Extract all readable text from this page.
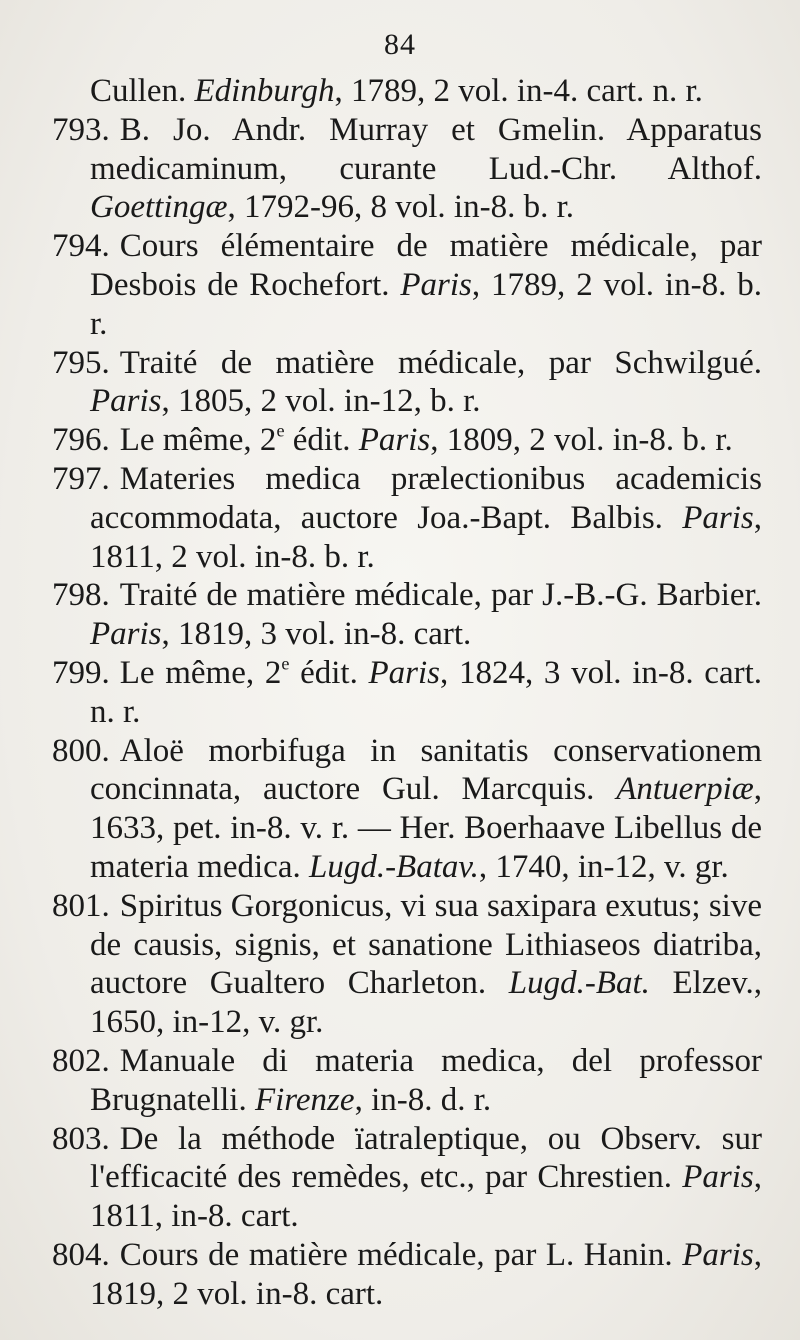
84
Cullen. Edinburgh, 1789, 2 vol. in-4. cart. n. r.
793. B. Jo. Andr. Murray et Gmelin. Apparatus medicaminum, curante Lud.-Chr. Althof. Goettingæ, 1792-96, 8 vol. in-8. b. r.
794. Cours élémentaire de matière médicale, par Desbois de Rochefort. Paris, 1789, 2 vol. in-8. b. r.
795. Traité de matière médicale, par Schwilgué. Paris, 1805, 2 vol. in-12, b. r.
796. Le même, 2e édit. Paris, 1809, 2 vol. in-8. b. r.
797. Materies medica prælectionibus academicis accommodata, auctore Joa.-Bapt. Balbis. Paris, 1811, 2 vol. in-8. b. r.
798. Traité de matière médicale, par J.-B.-G. Barbier. Paris, 1819, 3 vol. in-8. cart.
799. Le même, 2e édit. Paris, 1824, 3 vol. in-8. cart. n. r.
800. Aloë morbifuga in sanitatis conservationem concinnata, auctore Gul. Marcquis. Antuerpiæ, 1633, pet. in-8. v. r. — Her. Boerhaave Libellus de materia medica. Lugd.-Batav., 1740, in-12, v. gr.
801. Spiritus Gorgonicus, vi sua saxipara exutus; sive de causis, signis, et sanatione Lithiaseos diatriba, auctore Gualtero Charleton. Lugd.-Bat. Elzev., 1650, in-12, v. gr.
802. Manuale di materia medica, del professor Brugnatelli. Firenze, in-8. d. r.
803. De la méthode ïatraleptique, ou Observ. sur l'efficacité des remèdes, etc., par Chrestien. Paris, 1811, in-8. cart.
804. Cours de matière médicale, par L. Hanin. Paris, 1819, 2 vol. in-8. cart.
